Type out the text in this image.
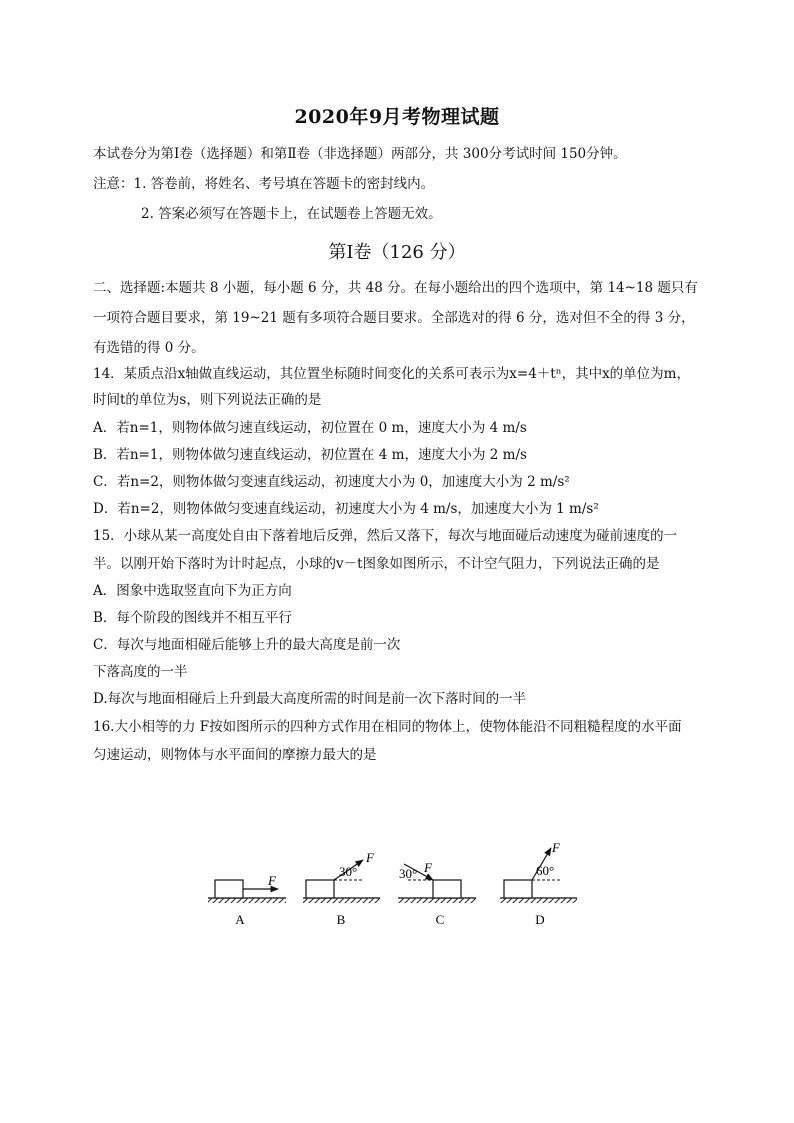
2020年9月考物理试题
本试卷分为第Ⅰ卷（选择题）和第Ⅱ卷（非选择题）两部分，共 300分考试时间 150分钟。
注意：1. 答卷前，将姓名、考号填在答题卡的密封线内。
2. 答案必须写在答题卡上，在试题卷上答题无效。
第Ⅰ卷（126 分）
二、选择题:本题共 8 小题，每小题 6 分，共 48 分。在每小题给出的四个选项中，第 14~18 题只有
一项符合题目要求，第 19~21 题有多项符合题目要求。全部选对的得 6 分，选对但不全的得 3 分，
有选错的得 0 分。
14．某质点沿x轴做直线运动，其位置坐标随时间变化的关系可表示为x=4＋tⁿ，其中x的单位为m，
时间t的单位为s，则下列说法正确的是
A．若n=1，则物体做匀速直线运动，初位置在 0 m，速度大小为 4 m/s
B．若n=1，则物体做匀速直线运动，初位置在 4 m，速度大小为 2 m/s
C．若n=2，则物体做匀变速直线运动，初速度大小为 0，加速度大小为 2 m/s²
D．若n=2，则物体做匀变速直线运动，初速度大小为 4 m/s，加速度大小为 1 m/s²
15．小球从某一高度处自由下落着地后反弹，然后又落下，每次与地面碰后动速度为碰前速度的一
半。以刚开始下落时为计时起点，小球的v－t图象如图所示，不计空气阻力，下列说法正确的是
A．图象中选取竖直向下为正方向
B．每个阶段的图线并不相互平行
C．每次与地面相碰后能够上升的最大高度是前一次
下落高度的一半
D.每次与地面相碰后上升到最大高度所需的时间是前一次下落时间的一半
16.大小相等的力 F按如图所示的四种方式作用在相同的物体上，使物体能沿不同粗糙程度的水平面
匀速运动，则物体与水平面间的摩擦力最大的是
F
A
F
30°
B
F
30°
C
F
60°
D
